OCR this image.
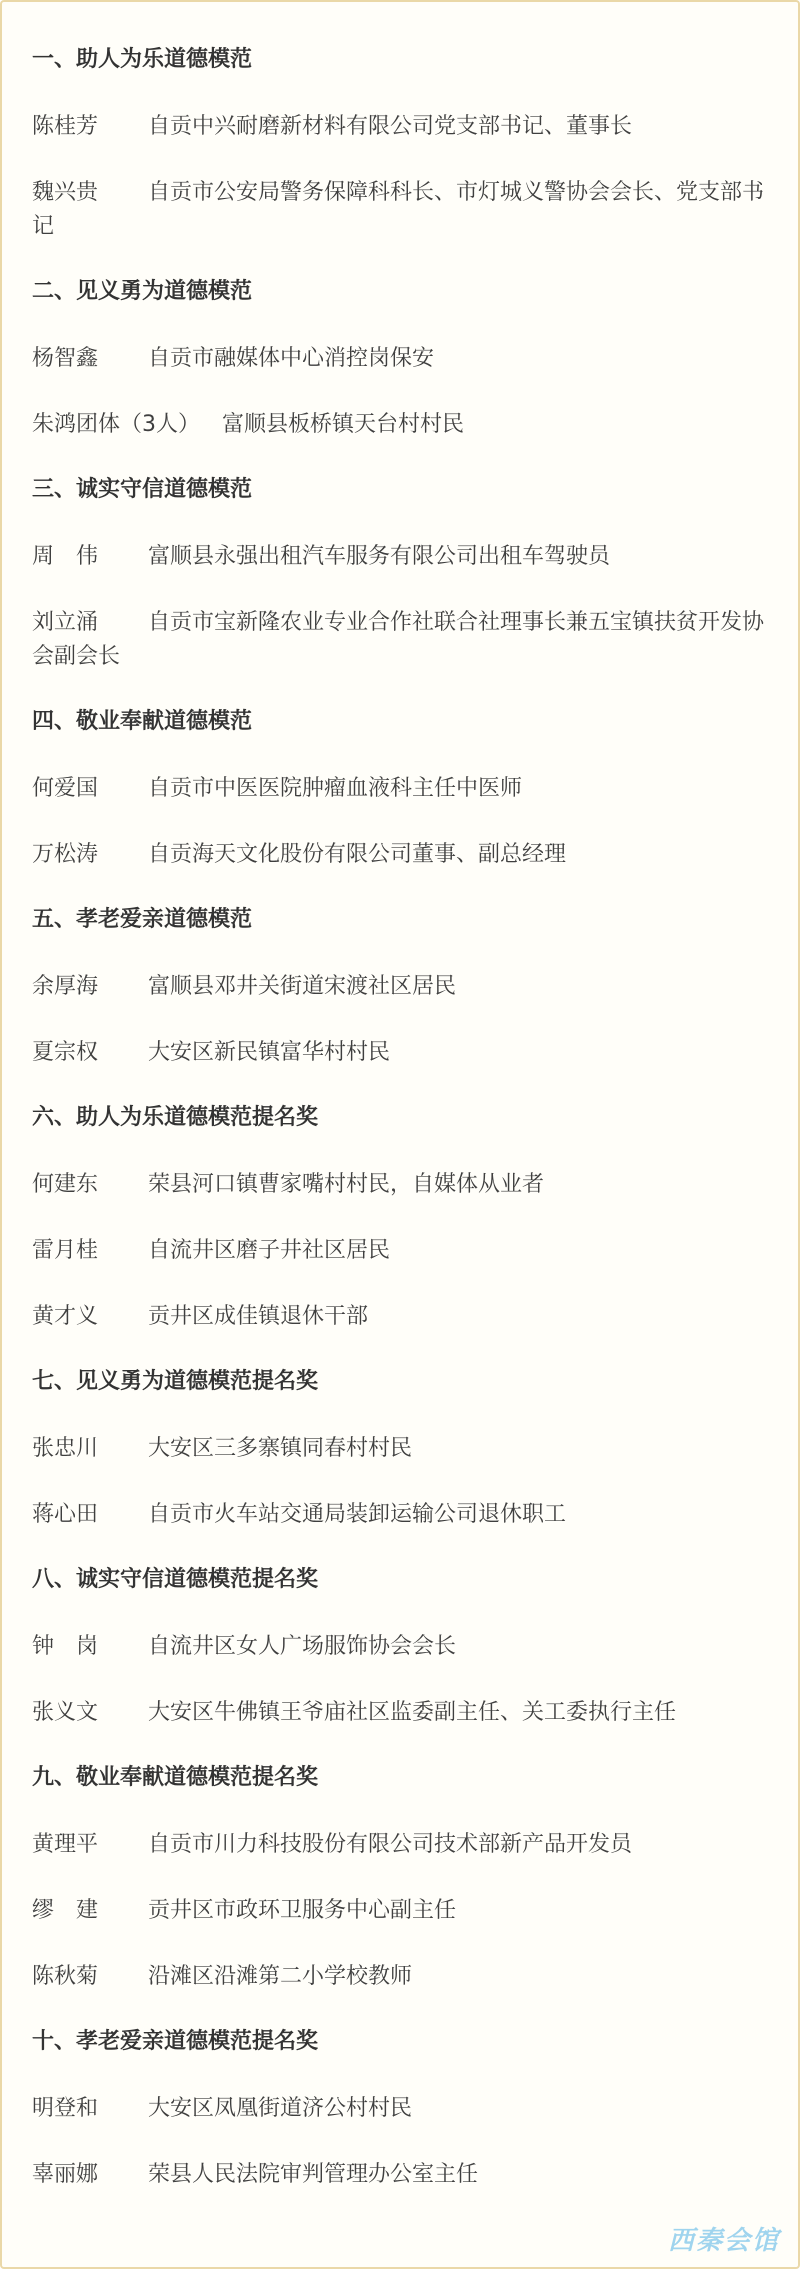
一、助人为乐道德模范
陈桂芳 自贡中兴耐磨新材料有限公司党支部书记、董事长
魏兴贵 自贡市公安局警务保障科科长、市灯城义警协会会长、党支部书记
二、见义勇为道德模范
杨智鑫 自贡市融媒体中心消控岗保安
朱鸿团体（3人） 富顺县板桥镇天台村村民
三、诚实守信道德模范
周　伟 富顺县永强出租汽车服务有限公司出租车驾驶员
刘立涌 自贡市宝新隆农业专业合作社联合社理事长兼五宝镇扶贫开发协会副会长
四、敬业奉献道德模范
何爱国 自贡市中医医院肿瘤血液科主任中医师
万松涛 自贡海天文化股份有限公司董事、副总经理
五、孝老爱亲道德模范
余厚海 富顺县邓井关街道宋渡社区居民
夏宗权 大安区新民镇富华村村民
六、助人为乐道德模范提名奖
何建东 荣县河口镇曹家嘴村村民，自媒体从业者
雷月桂 自流井区磨子井社区居民
黄才义 贡井区成佳镇退休干部
七、见义勇为道德模范提名奖
张忠川 大安区三多寨镇同春村村民
蒋心田 自贡市火车站交通局装卸运输公司退休职工
八、诚实守信道德模范提名奖
钟　岗 自流井区女人广场服饰协会会长
张义文 大安区牛佛镇王爷庙社区监委副主任、关工委执行主任
九、敬业奉献道德模范提名奖
黄理平 自贡市川力科技股份有限公司技术部新产品开发员
缪　建 贡井区市政环卫服务中心副主任
陈秋菊 沿滩区沿滩第二小学校教师
十、孝老爱亲道德模范提名奖
明登和 大安区凤凰街道济公村村民
辜丽娜 荣县人民法院审判管理办公室主任
西秦会馆
